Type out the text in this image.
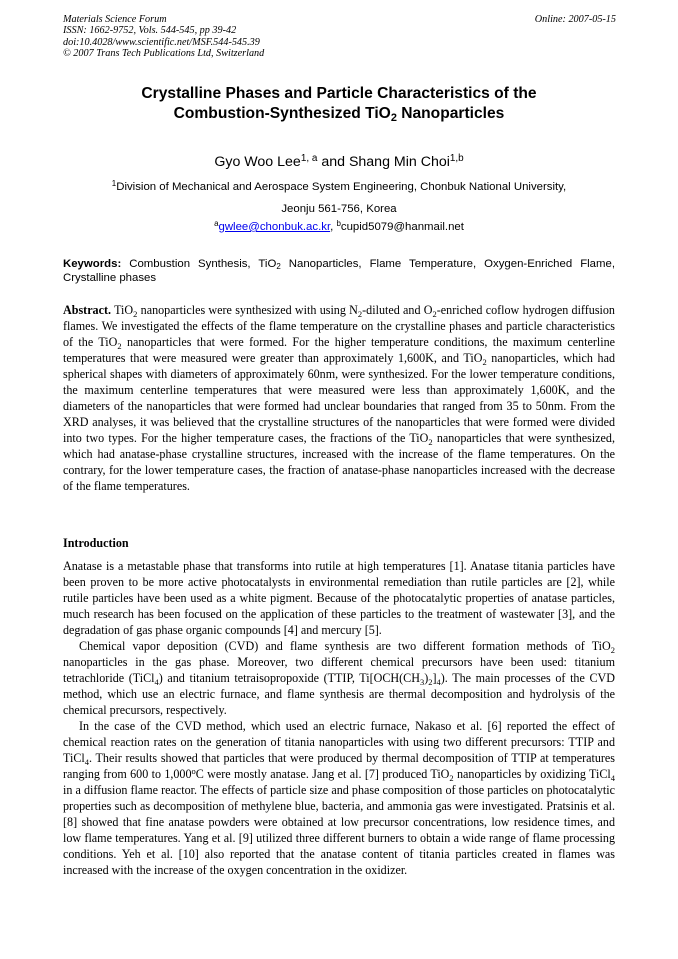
Materials Science Forum
ISSN: 1662-9752, Vols. 544-545, pp 39-42
doi:10.4028/www.scientific.net/MSF.544-545.39
© 2007 Trans Tech Publications Ltd, Switzerland
Online: 2007-05-15
Crystalline Phases and Particle Characteristics of the
Combustion-Synthesized TiO$_2$ Nanoparticles
Gyo Woo Lee$^{1, a}$ and Shang Min Choi$^{1,b}$
$^1$Division of Mechanical and Aerospace System Engineering, Chonbuk National University,
Jeonju 561-756, Korea
$^a$gwlee@chonbuk.ac.kr, $^b$cupid5079@hanmail.net
Keywords: Combustion Synthesis, TiO$_2$ Nanoparticles, Flame Temperature, Oxygen-Enriched Flame, Crystalline phases
Abstract. TiO$_2$ nanoparticles were synthesized with using $N_2$-diluted and $O_2$-enriched coflow hydrogen diffusion flames. We investigated the effects of the flame temperature on the crystalline phases and particle characteristics of the TiO$_2$ nanoparticles that were formed. For the higher temperature conditions, the maximum centerline temperatures that were measured were greater than approximately 1,600K, and TiO$_2$ nanoparticles, which had spherical shapes with diameters of approximately 60nm, were synthesized. For the lower temperature conditions, the maximum centerline temperatures that were measured were less than approximately 1,600K, and the diameters of the nanoparticles that were formed had unclear boundaries that ranged from 35 to 50nm. From the XRD analyses, it was believed that the crystalline structures of the nanoparticles that were formed were divided into two types. For the higher temperature cases, the fractions of the TiO$_2$ nanoparticles that were synthesized, which had anatase-phase crystalline structures, increased with the increase of the flame temperatures. On the contrary, for the lower temperature cases, the fraction of anatase-phase nanoparticles increased with the decrease of the flame temperatures.
Introduction

Anatase is a metastable phase that transforms into rutile at high temperatures [1]. Anatase titania particles have been proven to be more active photocatalysts in environmental remediation than rutile particles are [2], while rutile particles have been used as a white pigment. Because of the photocatalytic properties of anatase particles, much research has been focused on the application of these particles to the treatment of wastewater [3], and the degradation of gas phase organic compounds [4] and mercury [5].

Chemical vapor deposition (CVD) and flame synthesis are two different formation methods of TiO$_2$ nanoparticles in the gas phase. Moreover, two different chemical precursors have been used: titanium tetrachloride (TiCl$_4$) and titanium tetraisopropoxide (TTIP, $Ti[OCH(CH_3)_2]_4$). The main processes of the CVD method, which use an electric furnace, and flame synthesis are thermal decomposition and hydrolysis of the chemical precursors, respectively.

In the case of the CVD method, which used an electric furnace, Nakaso et al. [6] reported the effect of chemical reaction rates on the generation of titania nanoparticles with using two different precursors: TTIP and TiCl$_4$. Their results showed that particles that were produced by thermal decomposition of TTIP at temperatures ranging from 600 to 1,000$^o$C were mostly anatase. Jang et al. [7] produced TiO$_2$ nanoparticles by oxidizing TiCl$_4$ in a diffusion flame reactor. The effects of particle size and phase composition of those particles on photocatalytic properties such as decomposition of methylene blue, bacteria, and ammonia gas were investigated. Pratsinis et al. [8] showed that fine anatase powders were obtained at low precursor concentrations, low residence times, and low flame temperatures. Yang et al. [9] utilized three different burners to obtain a wide range of flame processing conditions. Yeh et al. [10] also reported that the anatase content of titania particles created in flames was increased with the increase of the oxygen concentration in the oxidizer.
